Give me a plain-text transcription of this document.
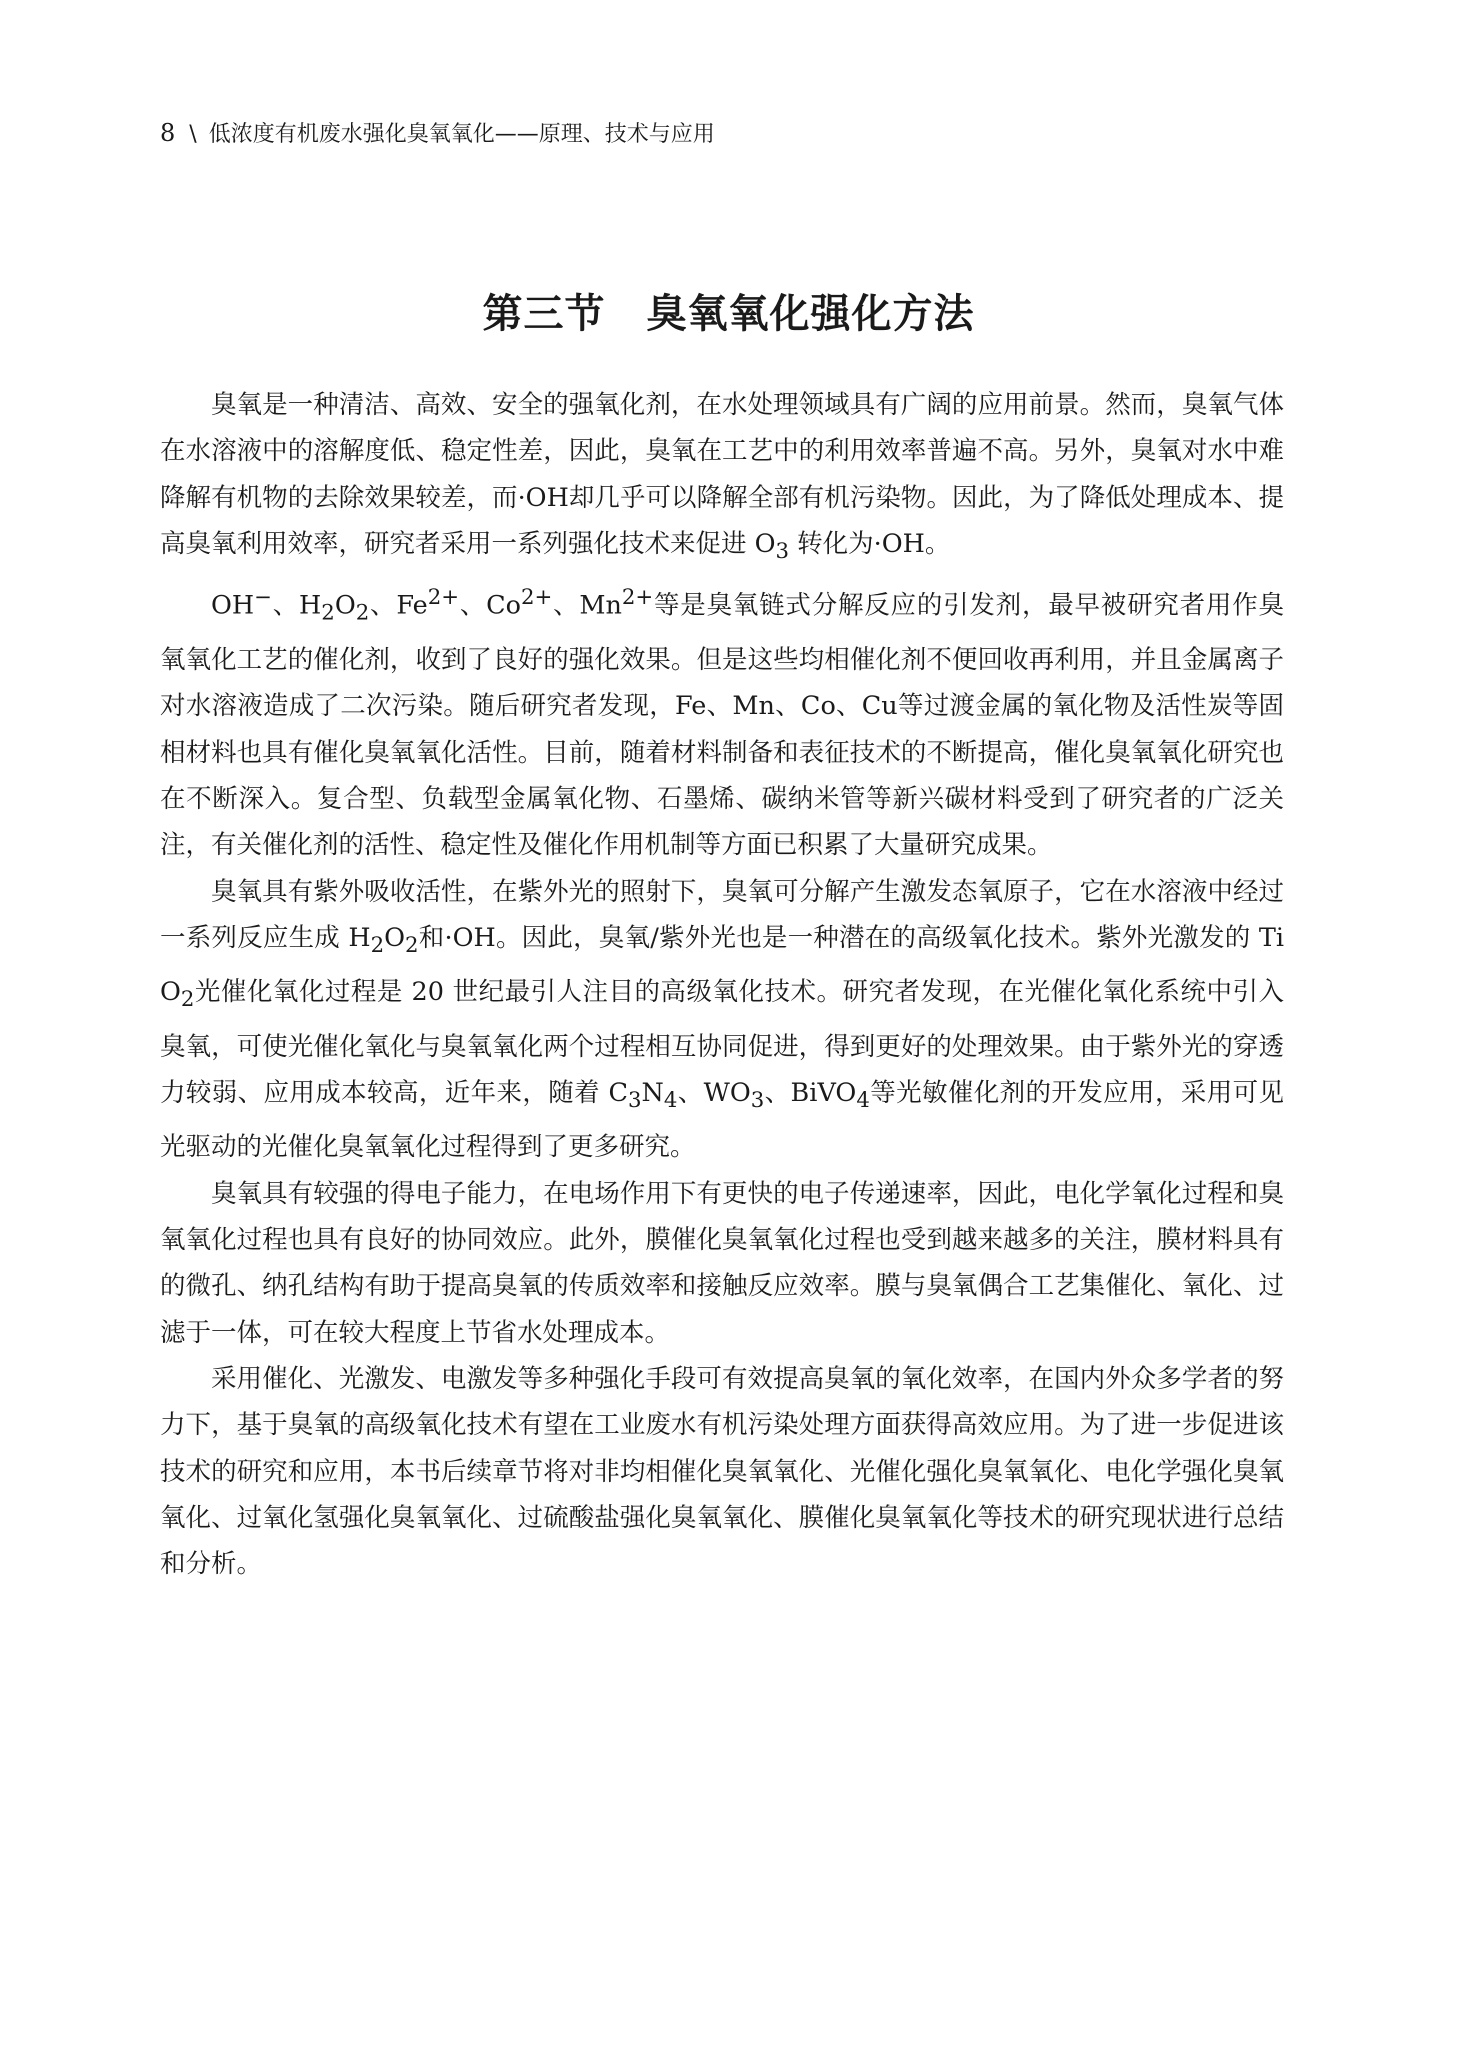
8 \ 低浓度有机废水强化臭氧氧化——原理、技术与应用
第三节　臭氧氧化强化方法

臭氧是一种清洁、高效、安全的强氧化剂，在水处理领域具有广阔的应用前景。然而，臭氧气体在水溶液中的溶解度低、稳定性差，因此，臭氧在工艺中的利用效率普遍不高。另外，臭氧对水中难降解有机物的去除效果较差，而·OH却几乎可以降解全部有机污染物。因此，为了降低处理成本、提高臭氧利用效率，研究者采用一系列强化技术来促进 $O_3$ 转化为·OH。

OH−、$H_2O_2$、$Fe^{2+}$、$Co^{2+}$、$Mn^{2+}$等是臭氧链式分解反应的引发剂，最早被研究者用作臭氧氧化工艺的催化剂，收到了良好的强化效果。但是这些均相催化剂不便回收再利用，并且金属离子对水溶液造成了二次污染。随后研究者发现，Fe、Mn、Co、Cu等过渡金属的氧化物及活性炭等固相材料也具有催化臭氧氧化活性。目前，随着材料制备和表征技术的不断提高，催化臭氧氧化研究也在不断深入。复合型、负载型金属氧化物、石墨烯、碳纳米管等新兴碳材料受到了研究者的广泛关注，有关催化剂的活性、稳定性及催化作用机制等方面已积累了大量研究成果。

臭氧具有紫外吸收活性，在紫外光的照射下，臭氧可分解产生激发态氧原子，它在水溶液中经过一系列反应生成 $H_2O_2$和·OH。因此，臭氧/紫外光也是一种潜在的高级氧化技术。紫外光激发的 TiO$_2$光催化氧化过程是 20 世纪最引人注目的高级氧化技术。研究者发现，在光催化氧化系统中引入臭氧，可使光催化氧化与臭氧氧化两个过程相互协同促进，得到更好的处理效果。由于紫外光的穿透力较弱、应用成本较高，近年来，随着 $C_3N_4$、$WO_3$、BiVO$_4$等光敏催化剂的开发应用，采用可见光驱动的光催化臭氧氧化过程得到了更多研究。

臭氧具有较强的得电子能力，在电场作用下有更快的电子传递速率，因此，电化学氧化过程和臭氧氧化过程也具有良好的协同效应。此外，膜催化臭氧氧化过程也受到越来越多的关注，膜材料具有的微孔、纳孔结构有助于提高臭氧的传质效率和接触反应效率。膜与臭氧偶合工艺集催化、氧化、过滤于一体，可在较大程度上节省水处理成本。

采用催化、光激发、电激发等多种强化手段可有效提高臭氧的氧化效率，在国内外众多学者的努力下，基于臭氧的高级氧化技术有望在工业废水有机污染处理方面获得高效应用。为了进一步促进该技术的研究和应用，本书后续章节将对非均相催化臭氧氧化、光催化强化臭氧氧化、电化学强化臭氧氧化、过氧化氢强化臭氧氧化、过硫酸盐强化臭氧氧化、膜催化臭氧氧化等技术的研究现状进行总结和分析。
